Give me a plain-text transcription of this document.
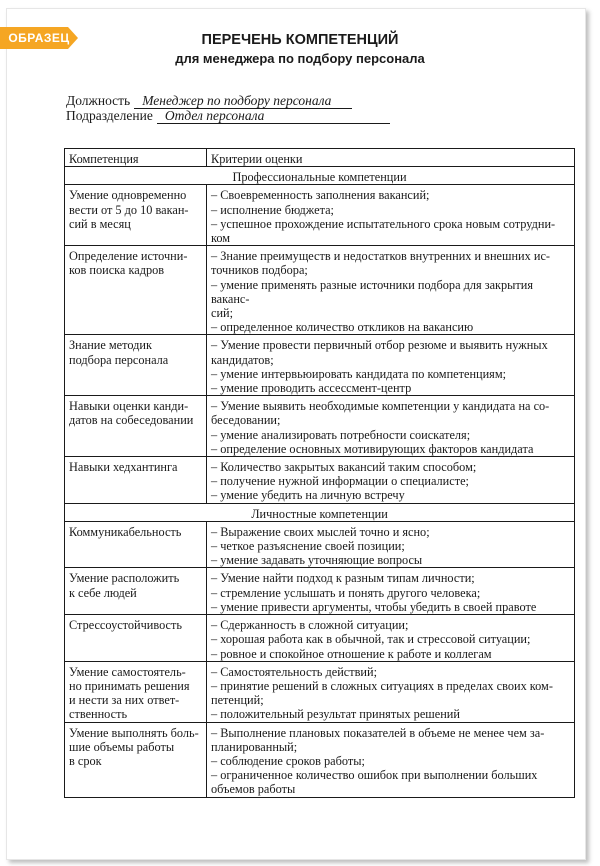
ОБРАЗЕЦ	ПЕРЕЧЕНЬ КОМПЕТЕНЦИЙ
для менеджера по подбору персонала
Должность Менеджер по подбору персонала
Подразделение Отдел персонала
Компетенция	Критерии оценки
Профессиональные компетенции	

Умение одновременно
вести от 5 до 10 вакан-
сий в месяц	– Своевременность заполнения вакансий;
– исполнение бюджета;
– успешное прохождение испытательного срока новым сотрудни-
ком

Определение источни-
ков поиска кадров	– Знание преимуществ и недостатков внутренних и внешних ис-
точников подбора;
– умение применять разные источники подбора для закрытия ваканс-
сий;
– определенное количество откликов на вакансию

Знание методик
подбора персонала	– Умение провести первичный отбор резюме и выявить нужных
кандидатов;
– умение интервьюировать кандидата по компетенциям;
– умение проводить ассессмент-центр

Навыки оценки канди-
датов на собеседовании	– Умение выявить необходимые компетенции у кандидата на со-
беседовании;
– умение анализировать потребности соискателя;
– определение основных мотивирующих факторов кандидата

Навыки хедхантинга	– Количество закрытых вакансий таким способом;
– получение нужной информации о специалисте;
– умение убедить на личную встречу

Личностные компетенции	

Коммуникабельность	– Выражение своих мыслей точно и ясно;
– четкое разъяснение своей позиции;
– умение задавать уточняющие вопросы

Умение расположить
к себе людей	– Умение найти подход к разным типам личности;
– стремление услышать и понять другого человека;
– умение привести аргументы, чтобы убедить в своей правоте

Стрессоустойчивость	– Сдержанность в сложной ситуации;
– хорошая работа как в обычной, так и стрессовой ситуации;
– ровное и спокойное отношение к работе и коллегам

Умение самостоятель-
но принимать решения
и нести за них ответ-
ственность	– Самостоятельность действий;
– принятие решений в сложных ситуациях в пределах своих ком-
петенций;
– положительный результат принятых решений

Умение выполнять боль-
шие объемы работы
в срок	– Выполнение плановых показателей в объеме не менее чем за-
планированный;
– соблюдение сроков работы;
– ограниченное количество ошибок при выполнении больших
объемов работы
